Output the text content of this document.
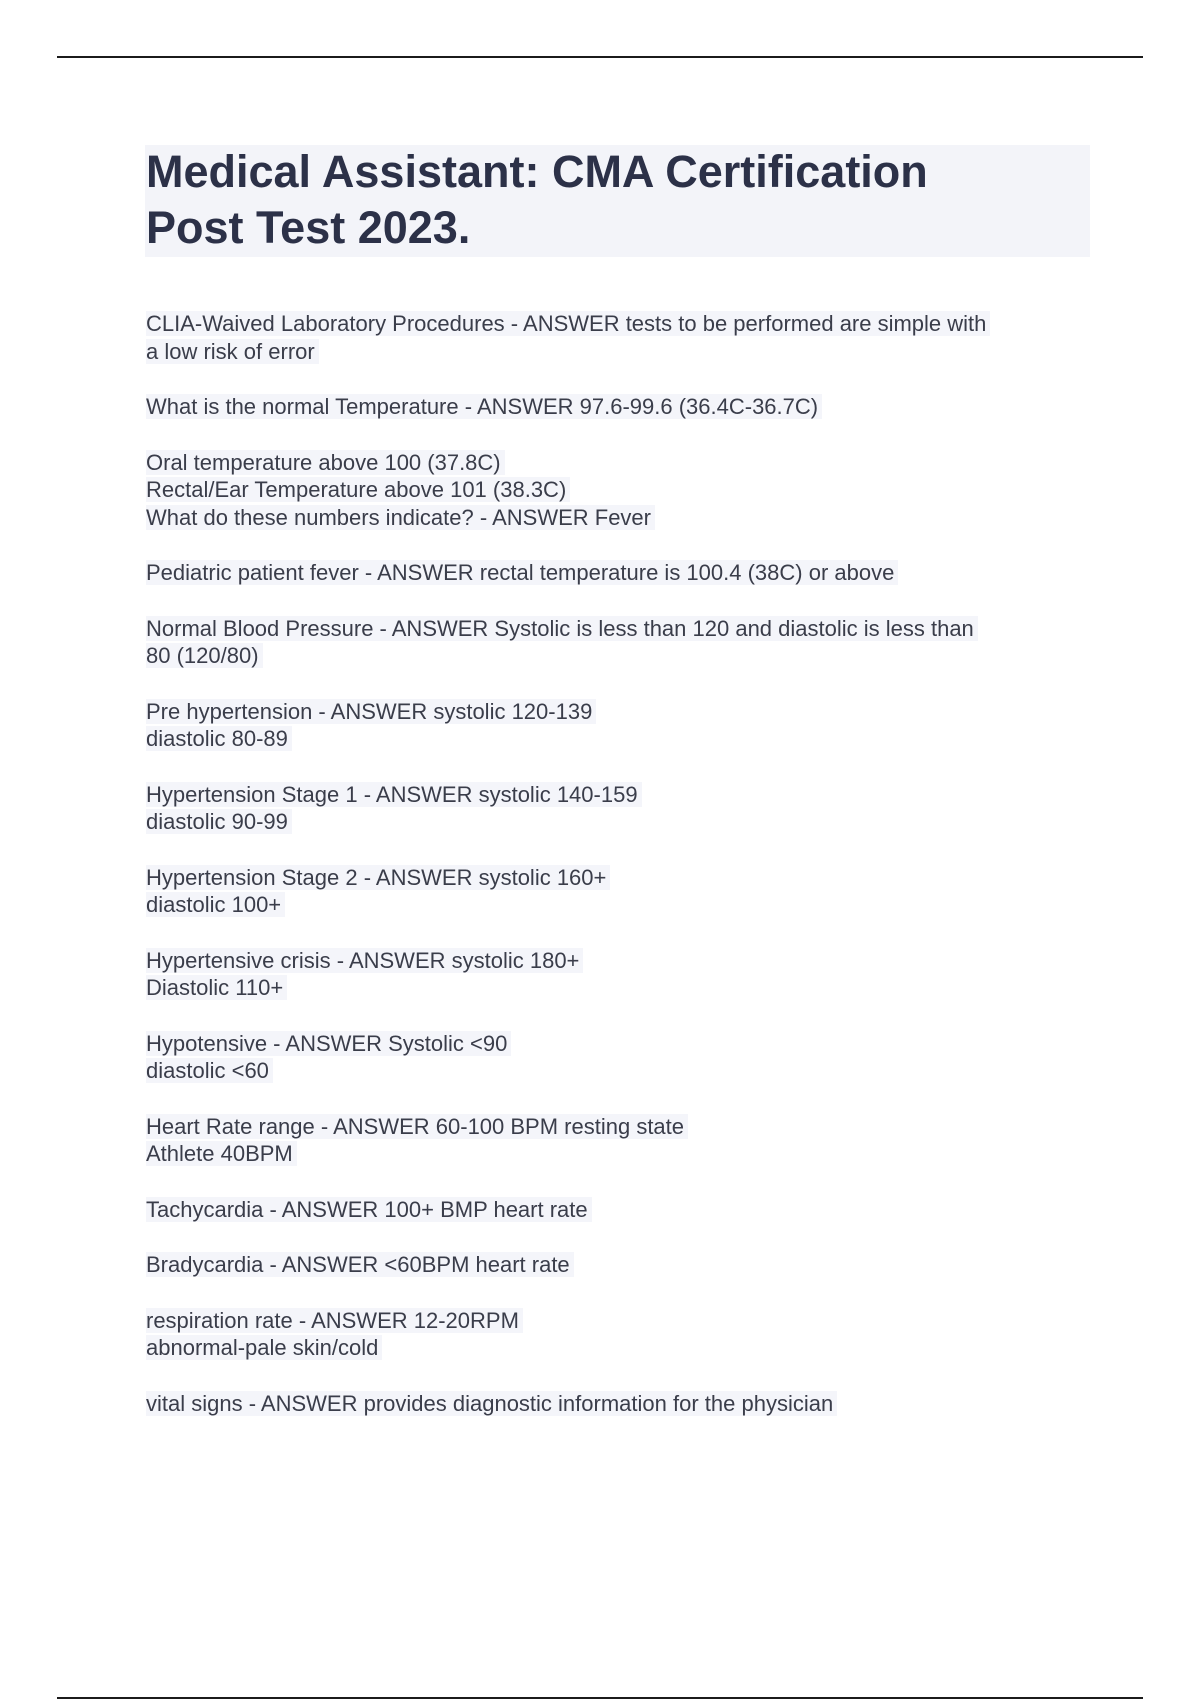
Medical Assistant: CMA Certification
Post Test 2023.
CLIA-Waived Laboratory Procedures - ANSWER tests to be performed are simple with
a low risk of error
What is the normal Temperature - ANSWER 97.6-99.6 (36.4C-36.7C)
Oral temperature above 100 (37.8C)
Rectal/Ear Temperature above 101 (38.3C)
What do these numbers indicate? - ANSWER Fever
Pediatric patient fever - ANSWER rectal temperature is 100.4 (38C) or above
Normal Blood Pressure - ANSWER Systolic is less than 120 and diastolic is less than
80 (120/80)
Pre hypertension - ANSWER systolic 120-139
diastolic 80-89
Hypertension Stage 1 - ANSWER systolic 140-159
diastolic 90-99
Hypertension Stage 2 - ANSWER systolic 160+
diastolic 100+
Hypertensive crisis - ANSWER systolic 180+
Diastolic 110+
Hypotensive - ANSWER Systolic <90
diastolic <60
Heart Rate range - ANSWER 60-100 BPM resting state
Athlete 40BPM
Tachycardia - ANSWER 100+ BMP heart rate
Bradycardia - ANSWER <60BPM heart rate
respiration rate - ANSWER 12-20RPM
abnormal-pale skin/cold
vital signs - ANSWER provides diagnostic information for the physician
